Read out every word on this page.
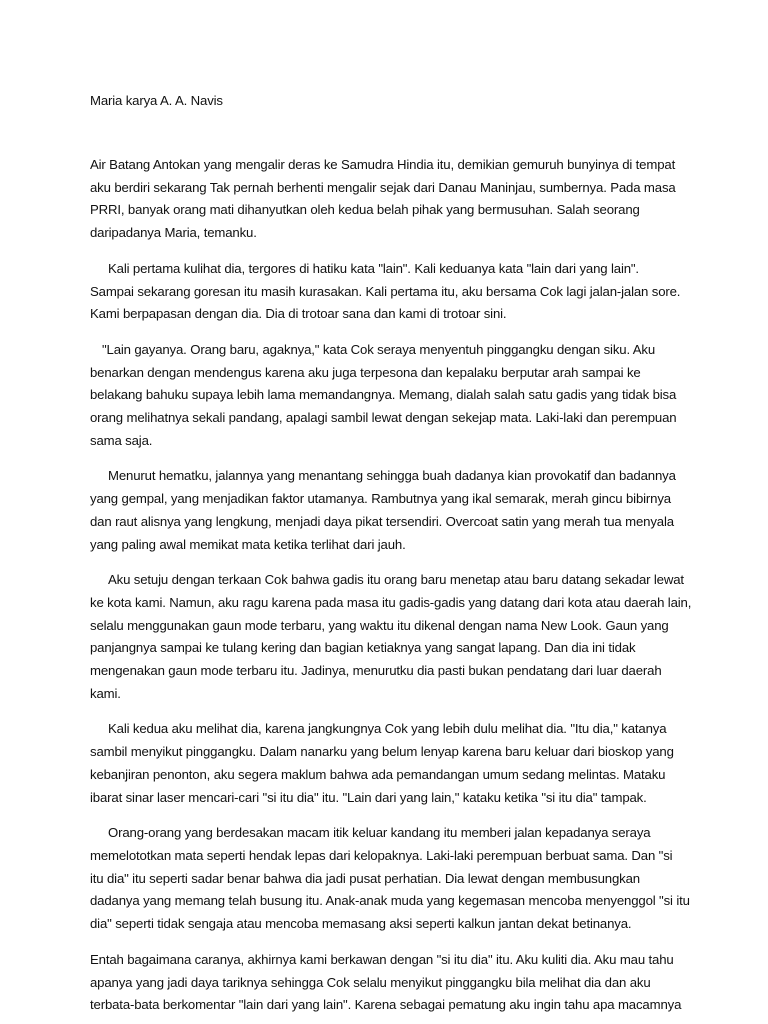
Maria karya A. A. Navis

Air Batang Antokan yang mengalir deras ke Samudra Hindia itu, demikian gemuruh bunyinya di tempat
aku berdiri sekarang Tak pernah berhenti mengalir sejak dari Danau Maninjau, sumbernya. Pada masa
PRRI, banyak orang mati dihanyutkan oleh kedua belah pihak yang bermusuhan. Salah seorang
daripadanya Maria, temanku.

Kali pertama kulihat dia, tergores di hatiku kata "lain". Kali keduanya kata "lain dari yang lain".
Sampai sekarang goresan itu masih kurasakan. Kali pertama itu, aku bersama Cok lagi jalan-jalan sore.
Kami berpapasan dengan dia. Dia di trotoar sana dan kami di trotoar sini.

"Lain gayanya. Orang baru, agaknya," kata Cok seraya menyentuh pinggangku dengan siku. Aku
benarkan dengan mendengus karena aku juga terpesona dan kepalaku berputar arah sampai ke
belakang bahuku supaya lebih lama memandangnya. Memang, dialah salah satu gadis yang tidak bisa
orang melihatnya sekali pandang, apalagi sambil lewat dengan sekejap mata. Laki-laki dan perempuan
sama saja.

Menurut hematku, jalannya yang menantang sehingga buah dadanya kian provokatif dan badannya
yang gempal, yang menjadikan faktor utamanya. Rambutnya yang ikal semarak, merah gincu bibirnya
dan raut alisnya yang lengkung, menjadi daya pikat tersendiri. Overcoat satin yang merah tua menyala
yang paling awal memikat mata ketika terlihat dari jauh.

Aku setuju dengan terkaan Cok bahwa gadis itu orang baru menetap atau baru datang sekadar lewat
ke kota kami. Namun, aku ragu karena pada masa itu gadis-gadis yang datang dari kota atau daerah lain,
selalu menggunakan gaun mode terbaru, yang waktu itu dikenal dengan nama New Look. Gaun yang
panjangnya sampai ke tulang kering dan bagian ketiaknya yang sangat lapang. Dan dia ini tidak
mengenakan gaun mode terbaru itu. Jadinya, menurutku dia pasti bukan pendatang dari luar daerah
kami.

Kali kedua aku melihat dia, karena jangkungnya Cok yang lebih dulu melihat dia. "Itu dia," katanya
sambil menyikut pinggangku. Dalam nanarku yang belum lenyap karena baru keluar dari bioskop yang
kebanjiran penonton, aku segera maklum bahwa ada pemandangan umum sedang melintas. Mataku
ibarat sinar laser mencari-cari "si itu dia" itu. "Lain dari yang lain," kataku ketika "si itu dia" tampak.

Orang-orang yang berdesakan macam itik keluar kandang itu memberi jalan kepadanya seraya
memelototkan mata seperti hendak lepas dari kelopaknya. Laki-laki perempuan berbuat sama. Dan "si
itu dia" itu seperti sadar benar bahwa dia jadi pusat perhatian. Dia lewat dengan membusungkan
dadanya yang memang telah busung itu. Anak-anak muda yang kegemasan mencoba menyenggol "si itu
dia" seperti tidak sengaja atau mencoba memasang aksi seperti kalkun jantan dekat betinanya.

Entah bagaimana caranya, akhirnya kami berkawan dengan "si itu dia" itu. Aku kuliti dia. Aku mau tahu
apanya yang jadi daya tariknya sehingga Cok selalu menyikut pinggangku bila melihat dia dan aku
terbata-bata berkomentar "lain dari yang lain". Karena sebagai pematung aku ingin tahu apa macamnya
